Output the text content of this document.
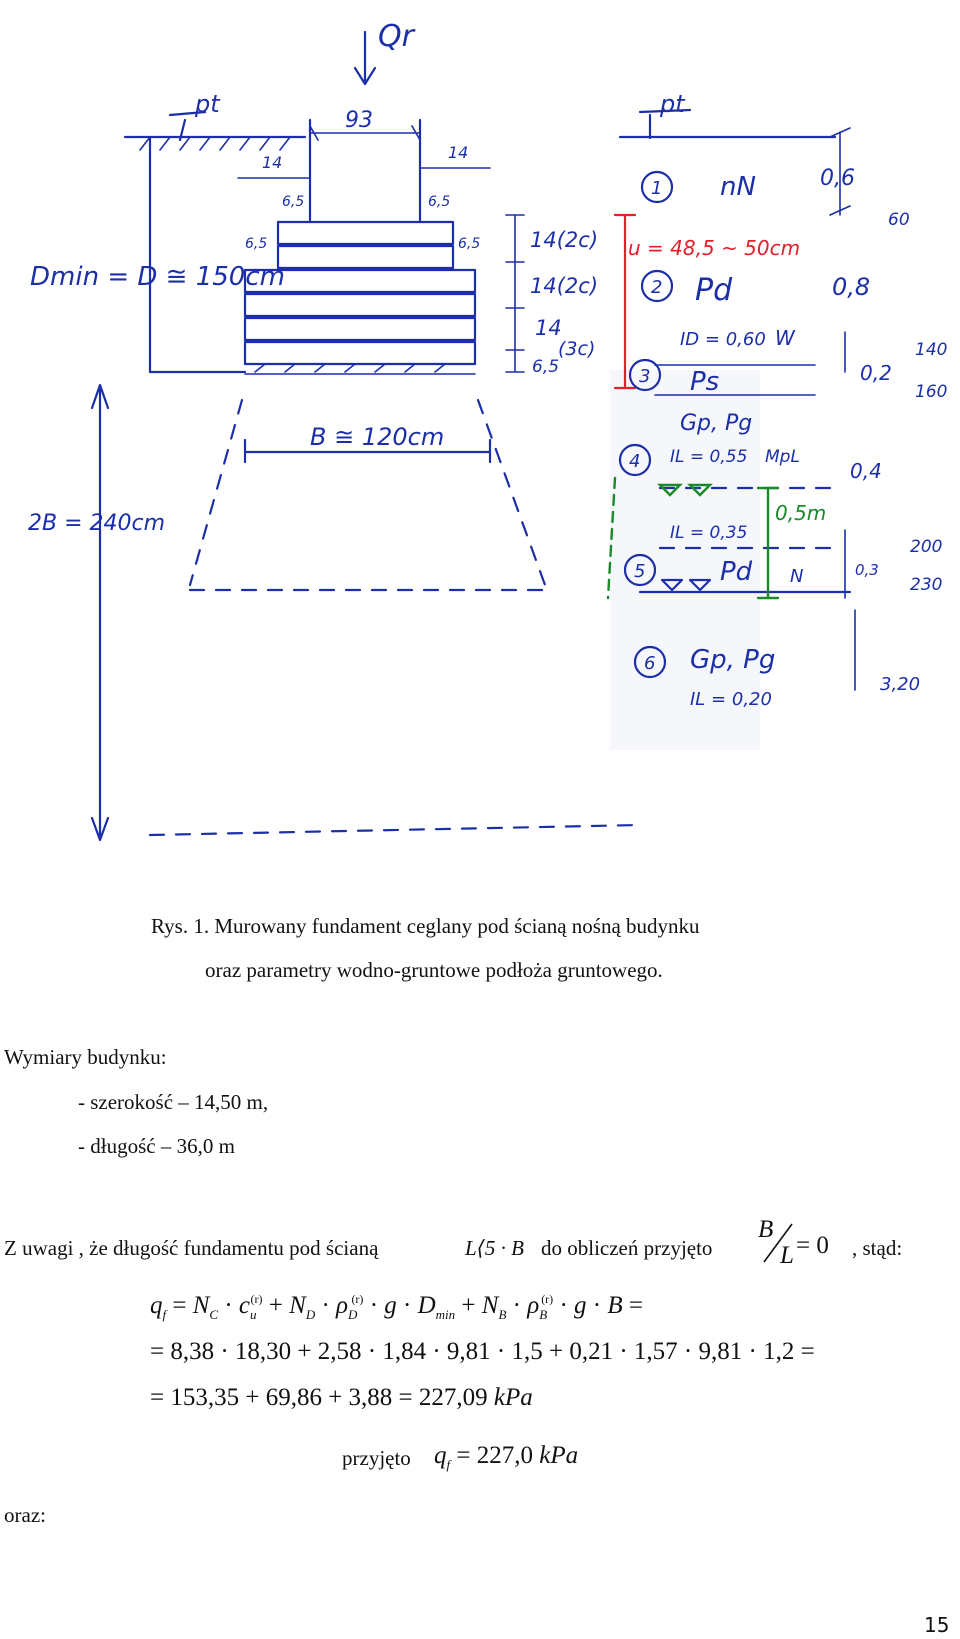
Qr
pt	pt
93
14
14
6,5	6,5
6,5	6,5
Dmin = D ≅ 150cm
14(2c)
14(2c)
14
6,5
(3c)
B ≅ 120cm
2B = 240cm
u = 48,5 ~ 50cm
1
2
3
4
5
6
nN
Pd
ID = 0,60 W
Ps
Gp, Pg
IL = 0,55 MpL
IL = 0,35
Pd N
Gp, Pg
IL = 0,20
0,5m
0,6
0,8
0,2
0,4
0,3
60
140
160
200
230
3,20
Rys. 1. Murowany fundament ceglany pod ścianą nośną budynku
oraz parametry wodno-gruntowe podłoża gruntowego.
Wymiary budynku:
- szerokość – 14,50 m,
- długość – 36,0 m
Z uwagi , że długość fundamentu pod ścianą	L⟨5 · B do obliczeń przyjęto
B
L = 0 , stąd:
$q_f = N_C \cdot c_u^{(r)} + N_D \cdot \rho_D^{(r)} \cdot g \cdot D_{min} + N_B \cdot \rho_B^{(r)} \cdot g \cdot B$ =
= 8,38 · 18,30 + 2,58 · 1,84 · 9,81 · 1,5 + 0,21 · 1,57 · 9,81 · 1,2 =
= 153,35 + 69,86 + 3,88 = 227,09 kPa
przyjęto $q_f = 227,0$ kPa
oraz:
15
